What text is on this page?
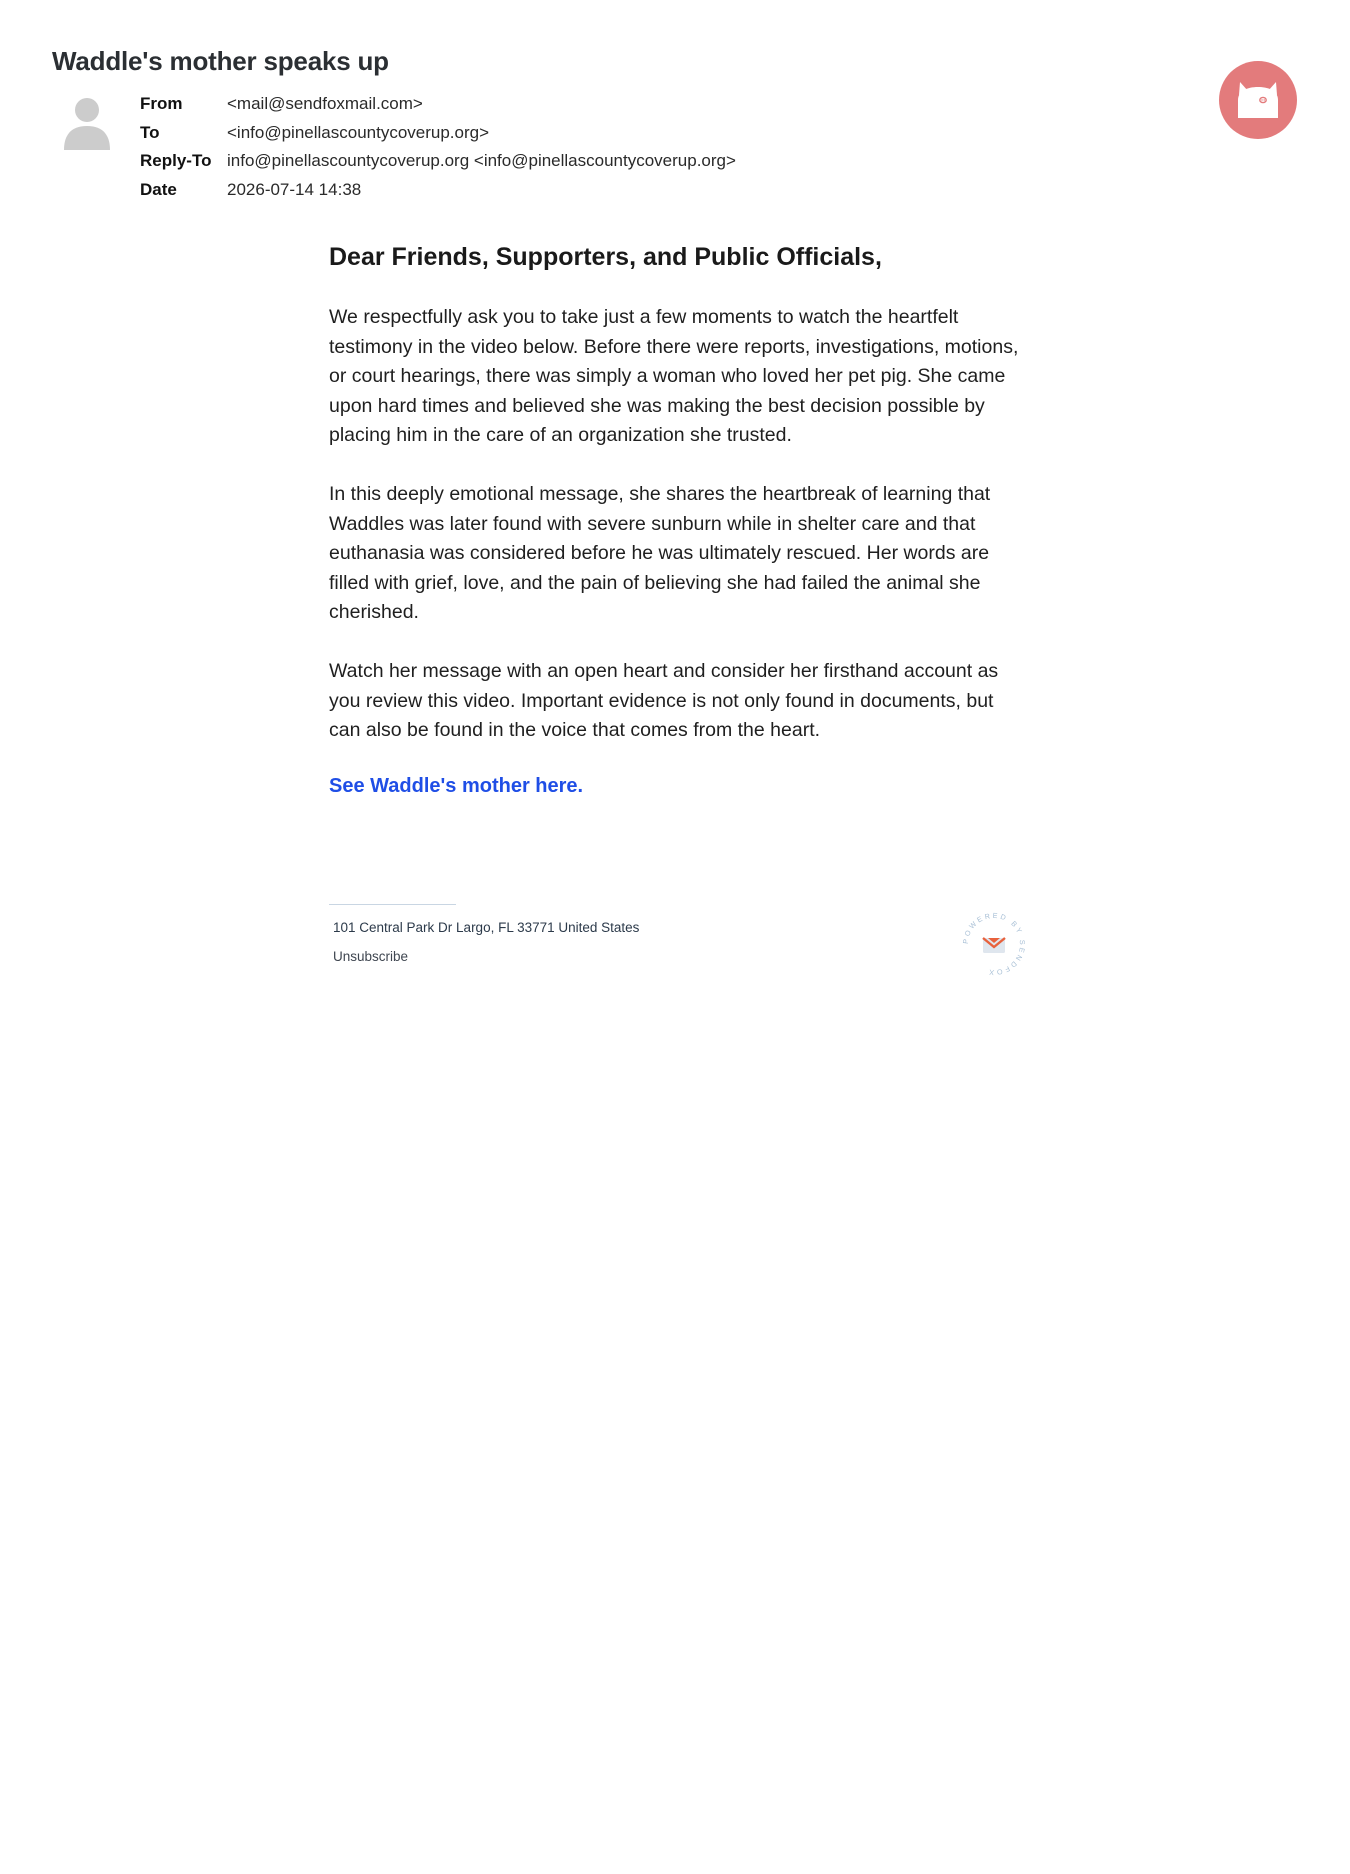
Waddle's mother speaks up
From	<mail@sendfoxmail.com>
To	<info@pinellascountycoverup.org>
Reply-To	info@pinellascountycoverup.org <info@pinellascountycoverup.org>
Date	2026-07-14 14:38
Dear Friends, Supporters, and Public Officials,

We respectfully ask you to take just a few moments to watch the heartfelt testimony in the video below. Before there were reports, investigations, motions, or court hearings, there was simply a woman who loved her pet pig. She came upon hard times and believed she was making the best decision possible by placing him in the care of an organization she trusted.

In this deeply emotional message, she shares the heartbreak of learning that Waddles was later found with severe sunburn while in shelter care and that euthanasia was considered before he was ultimately rescued. Her words are filled with grief, love, and the pain of believing she had failed the animal she cherished.

Watch her message with an open heart and consider her firsthand account as you review this video. Important evidence is not only found in documents, but can also be found in the voice that comes from the heart.

See Waddle's mother here.
101 Central Park Dr Largo, FL 33771 United States
Unsubscribe
POWERED BY SENDFOX
